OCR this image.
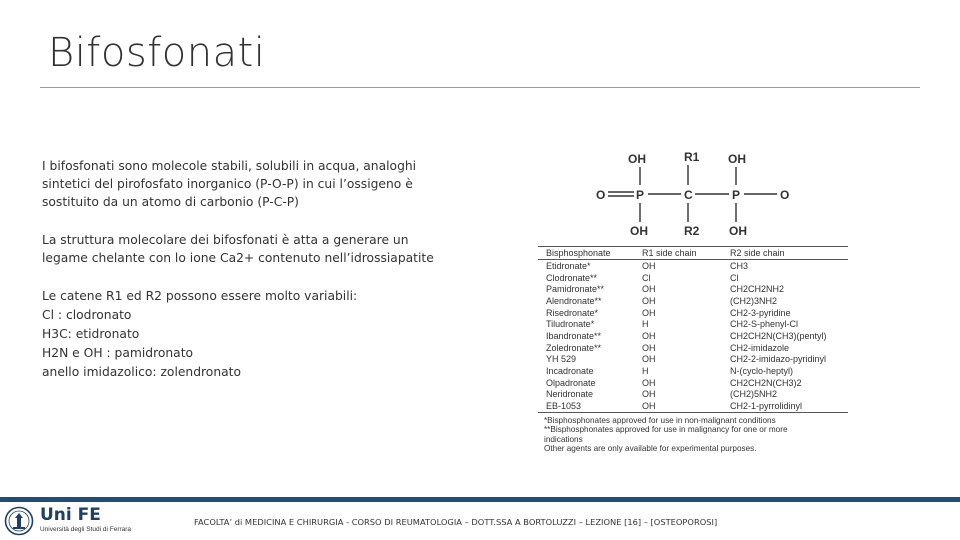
Bifosfonati
I bifosfonati sono molecole stabili, solubili in acqua, analoghi
sintetici del pirofosfato inorganico (P-O-P) in cui l’ossigeno è
sostituito da un atomo di carbonio (P-C-P)
La struttura molecolare dei bifosfonati è atta a generare un
legame chelante con lo ione Ca2+ contenuto nell’idrossiapatite
Le catene R1 ed R2 possono essere molto variabili:
Cl : clodronato
H3C: etidronato
H2N e OH : pamidronato
anello imidazolico: zolendronato
OH	R1 OH
O	P	C	P	O
OH	R2 OH
Bisphosphonate	R1 side chain	R2 side chain
Etidronate*	OH	CH3
Clodronate**	Cl	Cl
Pamidronate**	OH	CH2CH2NH2
Alendronate**	OH	(CH2)3NH2
Risedronate*	OH	CH2-3-pyridine
Tiludronate*	H	CH2-S-phenyl-Cl
Ibandronate**	OH	CH2CH2N(CH3)(pentyl)
Zoledronate**	OH	CH2-imidazole
YH 529	OH	CH2-2-imidazo-pyridinyl
Incadronate	H	N-(cyclo-heptyl)
Olpadronate	OH	CH2CH2N(CH3)2
Neridronate	OH	(CH2)5NH2
EB-1053	OH	CH2-1-pyrrolidinyl
*Bisphosphonates approved for use in non-malignant conditions
**Bisphosphonates approved for use in malignancy for one or more
indications
Other agents are only available for experimental purposes.
Uni FE
Università degli Studi di Ferrara
FACOLTA’ di MEDICINA E CHIRURGIA - CORSO DI REUMATOLOGIA – DOTT.SSA A BORTOLUZZI – LEZIONE [16] – [OSTEOPOROSI]
